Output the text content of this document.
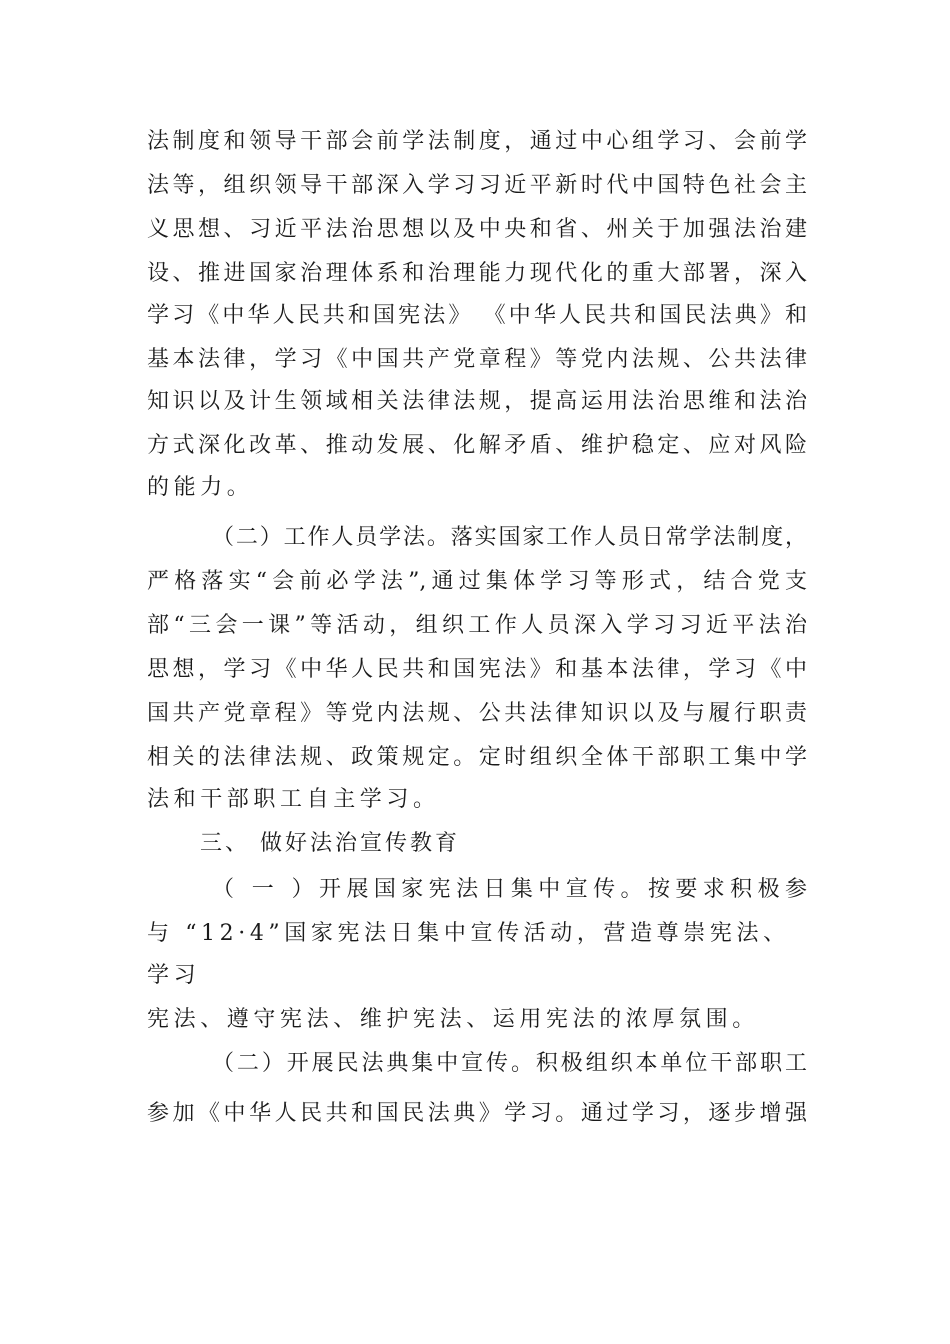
法制度和领导干部会前学法制度，通过中心组学习、会前学
法等，组织领导干部深入学习习近平新时代中国特色社会主
义思想、习近平法治思想以及中央和省、州关于加强法治建
设、推进国家治理体系和治理能力现代化的重大部署，深入
学习《中华人民共和国宪法》 《中华人民共和国民法典》和
基本法律，学习《中国共产党章程》等党内法规、公共法律
知识以及计生领域相关法律法规，提高运用法治思维和法治
方式深化改革、推动发展、化解矛盾、维护稳定、应对风险
的能力。
（二）工作人员学法。落实国家工作人员日常学法制度，
严格落实“会前必学法”,通过集体学习等形式，结合党支
部“三会一课”等活动，组织工作人员深入学习习近平法治
思想，学习《中华人民共和国宪法》和基本法律，学习《中
国共产党章程》等党内法规、公共法律知识以及与履行职责
相关的法律法规、政策规定。定时组织全体干部职工集中学
法和干部职工自主学习。
三、 做好法治宣传教育
（ 一 ）开展国家宪法日集中宣传。按要求积极参
与 “12·4”国家宪法日集中宣传活动，营造尊崇宪法、
学习
宪法、遵守宪法、维护宪法、运用宪法的浓厚氛围。
（二）开展民法典集中宣传。积极组织本单位干部职工
参加《中华人民共和国民法典》学习。通过学习，逐步增强
